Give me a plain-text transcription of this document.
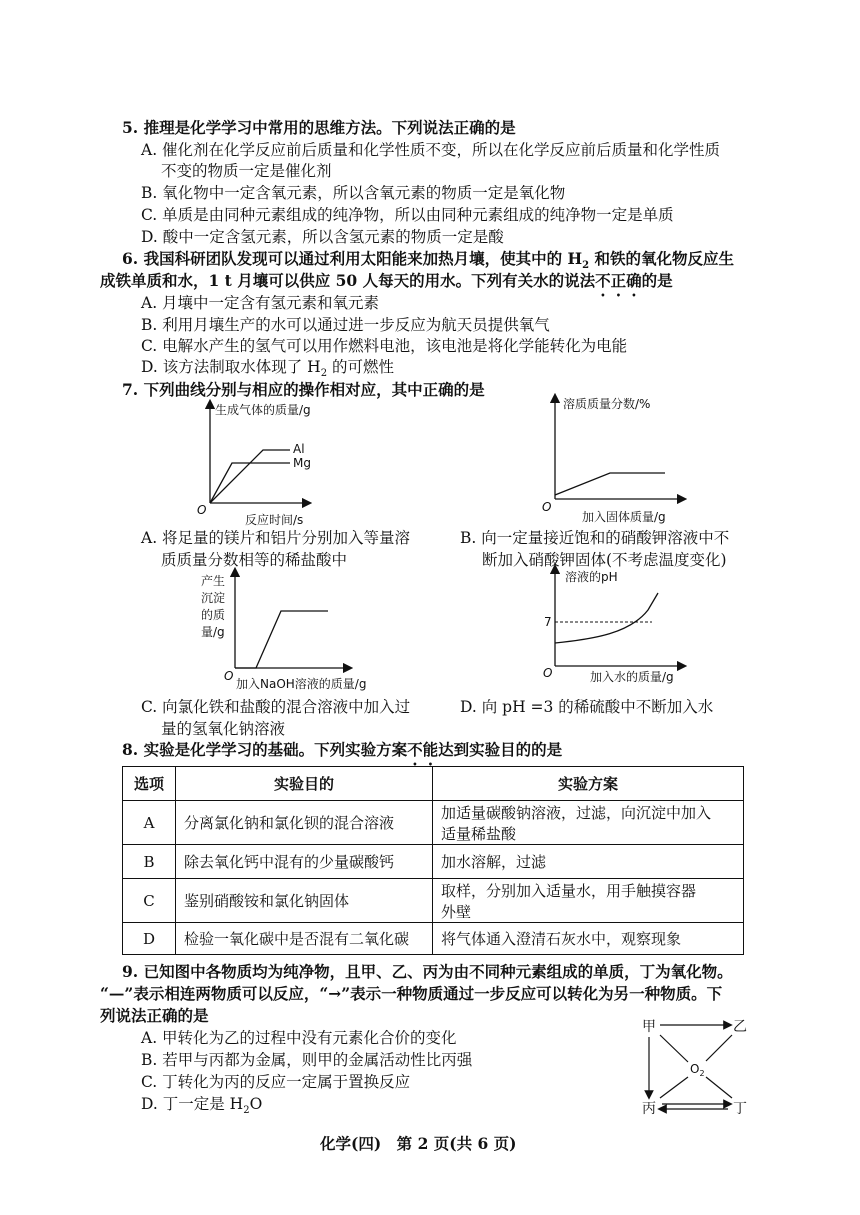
5. 推理是化学学习中常用的思维方法。下列说法正确的是
A. 催化剂在化学反应前后质量和化学性质不变，所以在化学反应前后质量和化学性质
不变的物质一定是催化剂
B. 氧化物中一定含氧元素，所以含氧元素的物质一定是氧化物
C. 单质是由同种元素组成的纯净物，所以由同种元素组成的纯净物一定是单质
D. 酸中一定含氢元素，所以含氢元素的物质一定是酸
6. 我国科研团队发现可以通过利用太阳能来加热月壤，使其中的 $H_2$ 和铁的氧化物反应生
成铁单质和水，1 t 月壤可以供应 50 人每天的用水。下列有关水的说法不正确的是
A. 月壤中一定含有氢元素和氧元素
B. 利用月壤生产的水可以通过进一步反应为航天员提供氧气
C. 电解水产生的氢气可以用作燃料电池，该电池是将化学能转化为电能
D. 该方法制取水体现了 $H_2$ 的可燃性
7. 下列曲线分别与相应的操作相对应，其中正确的是
生成气体的质量/g
O
反应时间/s
Al
Mg
溶质质量分数/%
O
加入固体质量/g
A. 将足量的镁片和铝片分别加入等量溶
质质量分数相等的稀盐酸中
B. 向一定量接近饱和的硝酸钾溶液中不
断加入硝酸钾固体(不考虑温度变化)
产生
沉淀
的质
量/g
O
加入NaOH溶液的质量/g
溶液的pH
O
7
加入水的质量/g
C. 向氯化铁和盐酸的混合溶液中加入过
量的氢氧化钠溶液
D. 向 pH =3 的稀硫酸中不断加入水
8. 实验是化学学习的基础。下列实验方案不能达到实验目的的是
选项	实验目的	实验方案
A	分离氯化钠和氯化钡的混合溶液	加适量碳酸钠溶液，过滤，向沉淀中加入
适量稀盐酸

B	除去氧化钙中混有的少量碳酸钙	加水溶解，过滤
C	鉴别硝酸铵和氯化钠固体	取样，分别加入适量水，用手触摸容器
外壁

D	检验一氧化碳中是否混有二氧化碳	将气体通入澄清石灰水中，观察现象
9. 已知图中各物质均为纯净物，且甲、乙、丙为由不同种元素组成的单质，丁为氧化物。
“—”表示相连两物质可以反应，“→”表示一种物质通过一步反应可以转化为另一种物质。下
列说法正确的是
A. 甲转化为乙的过程中没有元素化合价的变化
B. 若甲与丙都为金属，则甲的金属活动性比丙强
C. 丁转化为丙的反应一定属于置换反应
D. 丁一定是 $H_2O$
甲	乙
丙	丁
$O_2$
化学(四)　第 2 页(共 6 页)
